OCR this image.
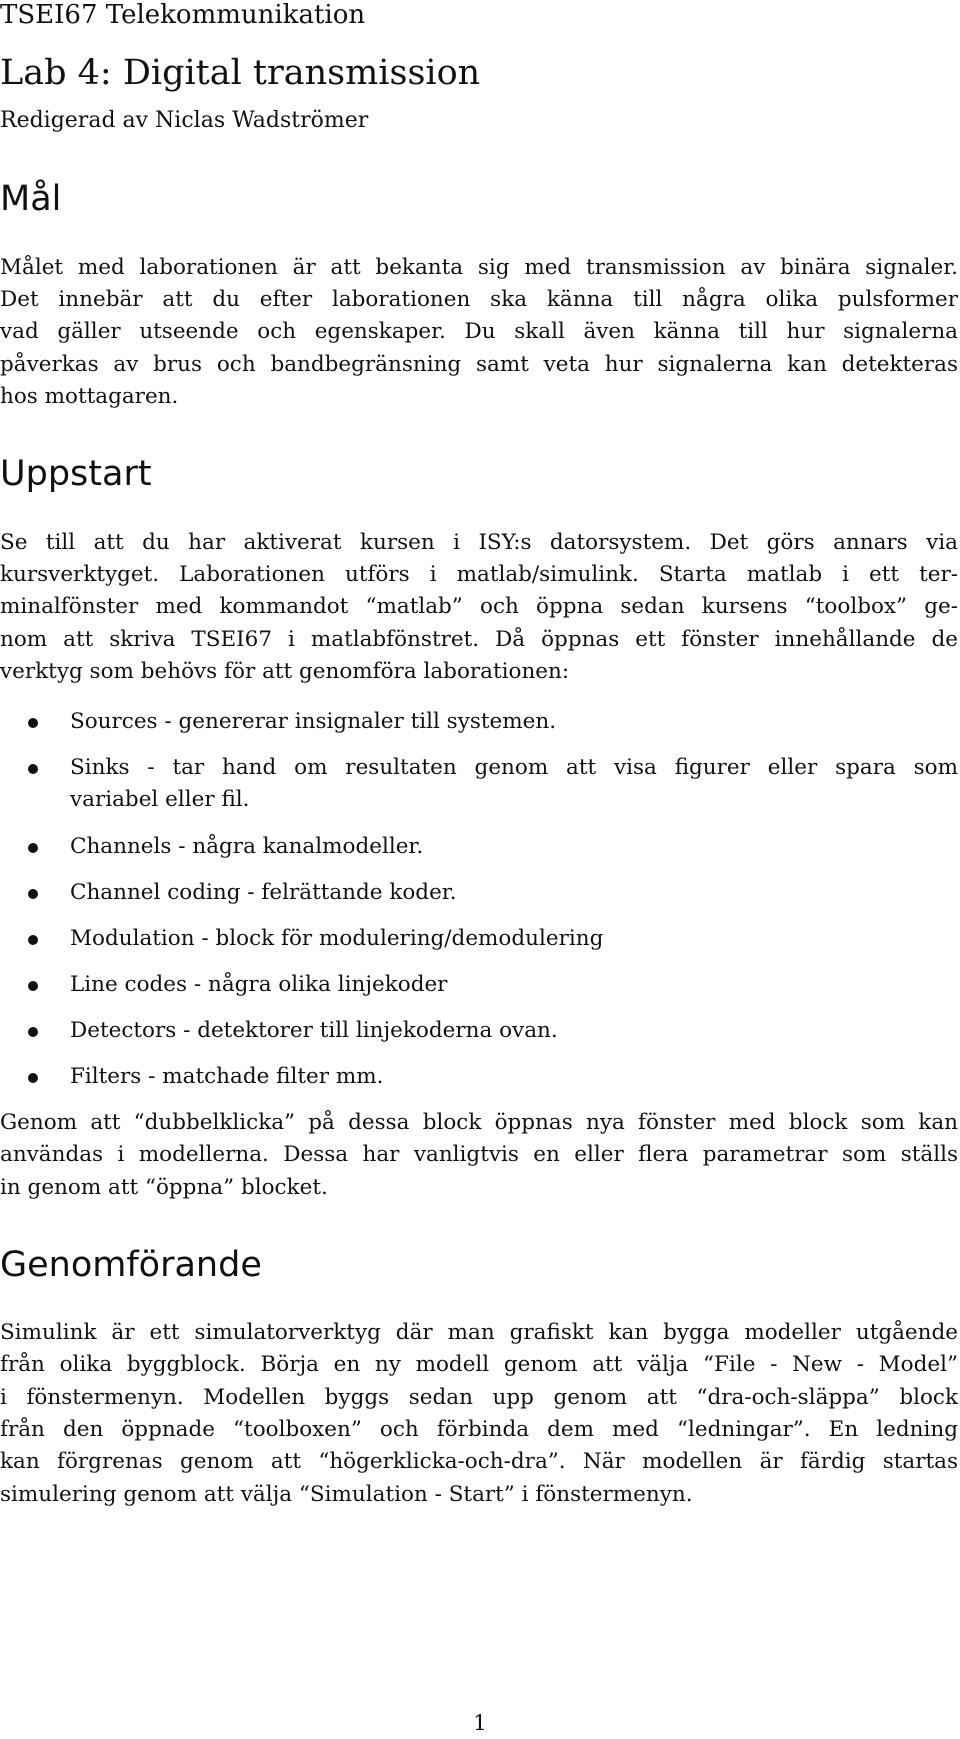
TSEI67 Telekommunikation
Lab 4: Digital transmission
Redigerad av Niclas Wadströmer
Mål
Målet med laborationen är att bekanta sig med transmission av binära signaler.
Det innebär att du efter laborationen ska känna till några olika pulsformer
vad gäller utseende och egenskaper. Du skall även känna till hur signalerna
påverkas av brus och bandbegränsning samt veta hur signalerna kan detekteras
hos mottagaren.
Uppstart
Se till att du har aktiverat kursen i ISY:s datorsystem. Det görs annars via
kursverktyget. Laborationen utförs i matlab/simulink. Starta matlab i ett ter-
minalfönster med kommandot “matlab” och öppna sedan kursens “toolbox” ge-
nom att skriva TSEI67 i matlabfönstret. Då öppnas ett fönster innehållande de
verktyg som behövs för att genomföra laborationen:
Sources - genererar insignaler till systemen.
Sinks - tar hand om resultaten genom att visa figurer eller spara som
variabel eller fil.
Channels - några kanalmodeller.
Channel coding - felrättande koder.
Modulation - block för modulering/demodulering
Line codes - några olika linjekoder
Detectors - detektorer till linjekoderna ovan.
Filters - matchade filter mm.
Genom att “dubbelklicka” på dessa block öppnas nya fönster med block som kan
användas i modellerna. Dessa har vanligtvis en eller flera parametrar som ställs
in genom att “öppna” blocket.
Genomförande
Simulink är ett simulatorverktyg där man grafiskt kan bygga modeller utgående
från olika byggblock. Börja en ny modell genom att välja “File - New - Model”
i fönstermenyn. Modellen byggs sedan upp genom att “dra-och-släppa” block
från den öppnade “toolboxen” och förbinda dem med “ledningar”. En ledning
kan förgrenas genom att “högerklicka-och-dra”. När modellen är färdig startas
simulering genom att välja “Simulation - Start” i fönstermenyn.
1
